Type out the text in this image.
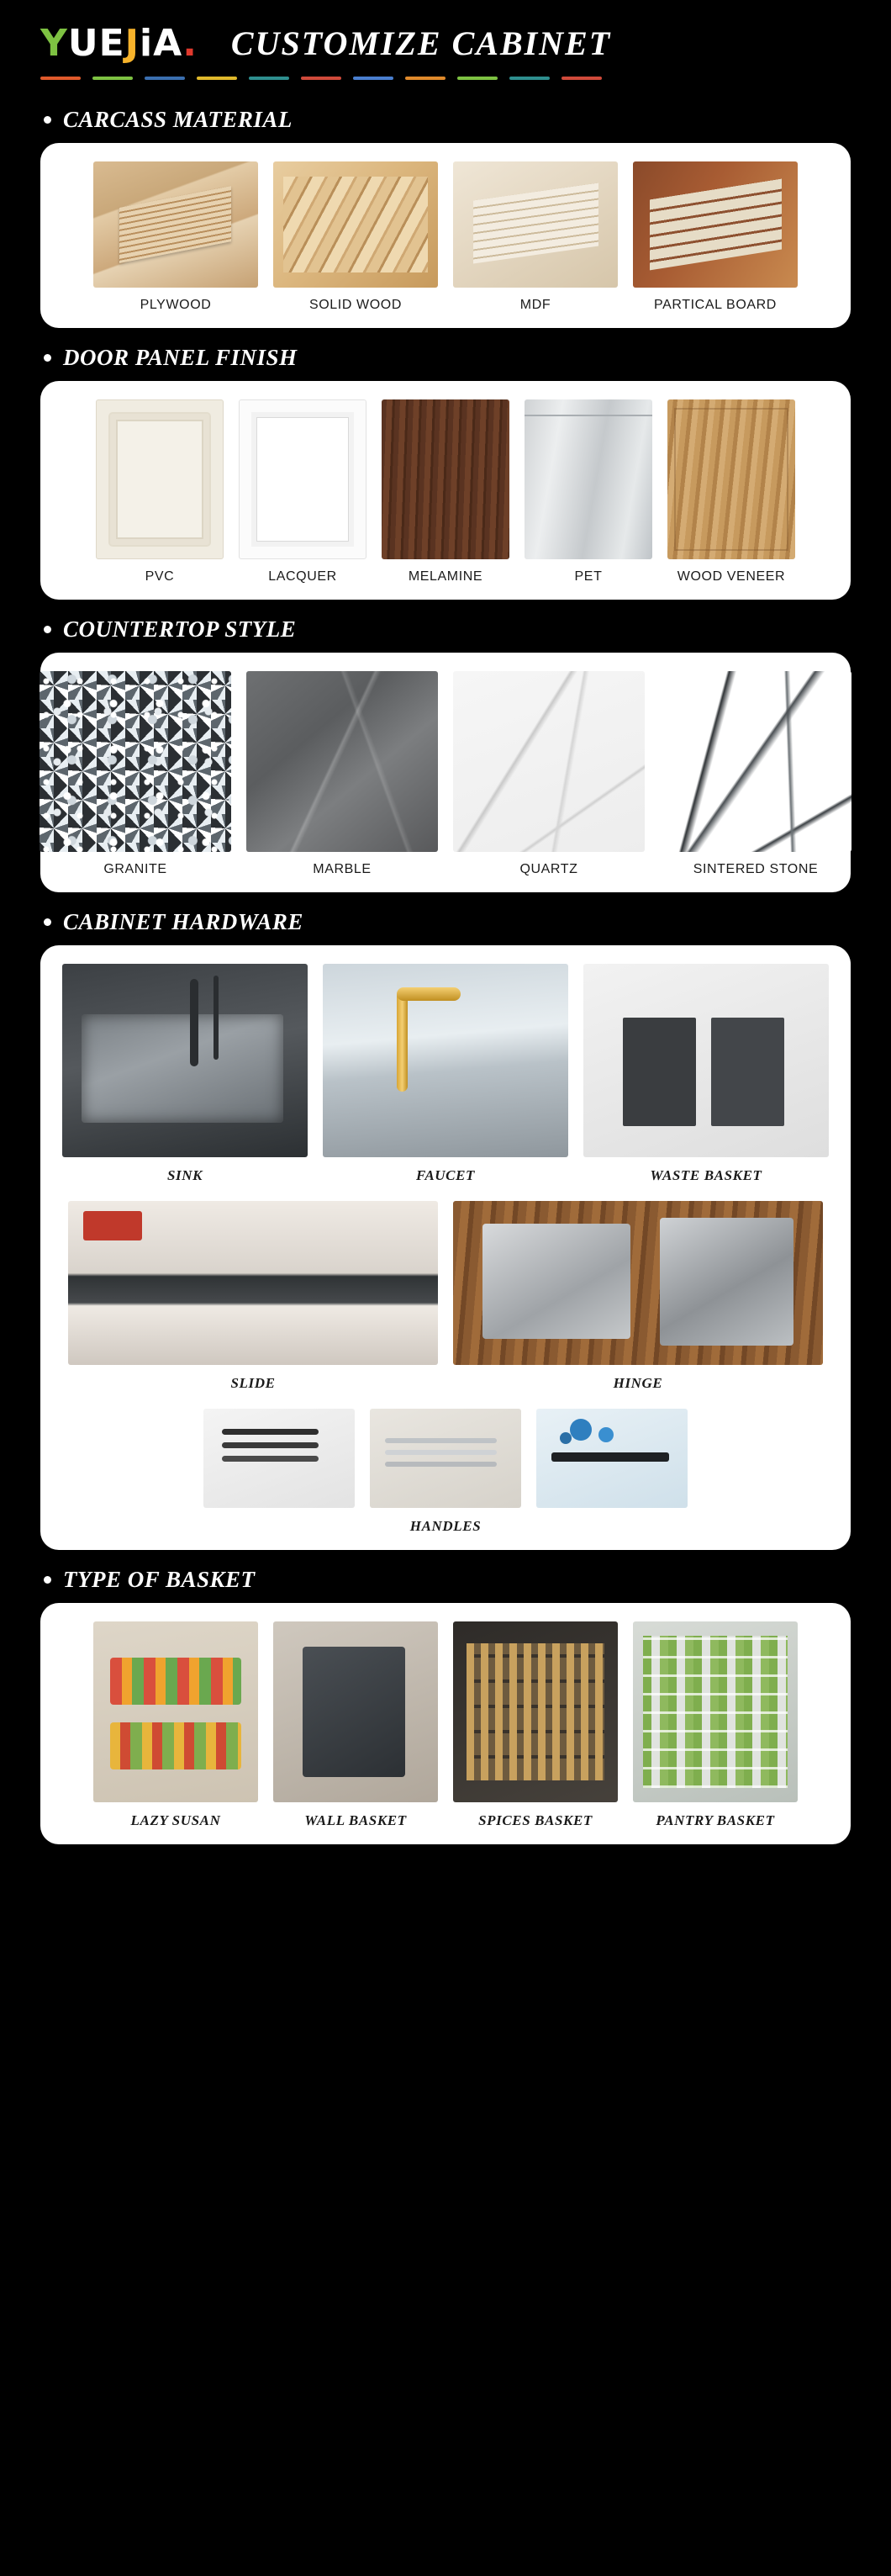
Y U E J i A . CUSTOMIZE CABINET
CARCASS MATERIAL
PLYWOOD	SOLID WOOD	MDF	PARTICAL BOARD
DOOR PANEL FINISH
PVC	LACQUER	MELAMINE	PET	WOOD VENEER
COUNTERTOP STYLE
GRANITE	MARBLE	QUARTZ	SINTERED STONE
CABINET HARDWARE
SINK	FAUCET	WASTE BASKET
SLIDE	HINGE
HANDLES
TYPE OF BASKET
LAZY SUSAN	WALL BASKET	SPICES BASKET	PANTRY BASKET
